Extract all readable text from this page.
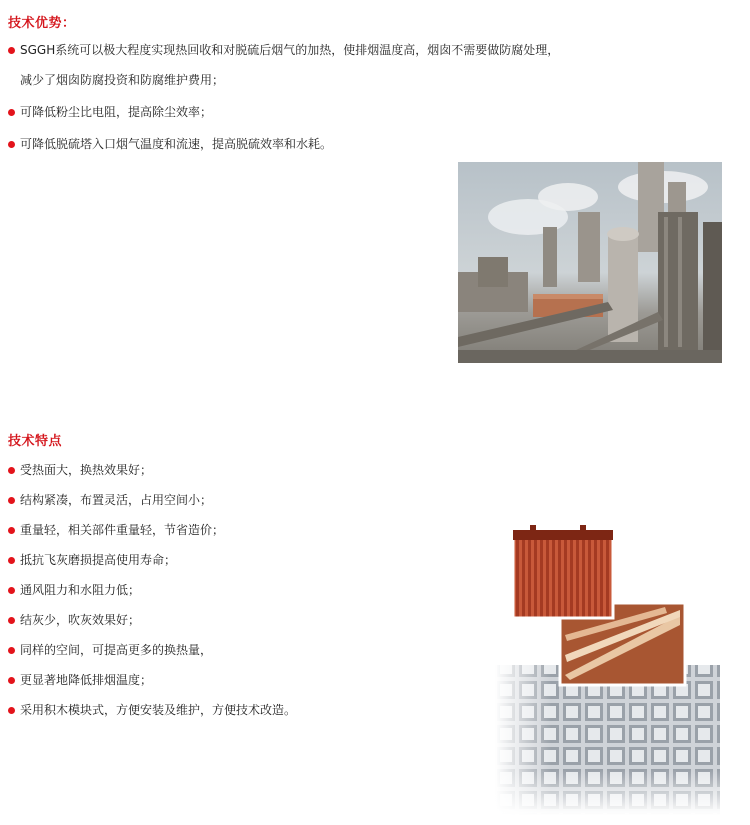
技术优势：
SGGH系统可以极大程度实现热回收和对脱硫后烟气的加热，使排烟温度高，烟囱不需要做防腐处理，
减少了烟囱防腐投资和防腐维护费用；
可降低粉尘比电阻，提高除尘效率；
可降低脱硫塔入口烟气温度和流速，提高脱硫效率和水耗。
技术特点
受热面大，换热效果好；
结构紧凑，布置灵活，占用空间小；
重量轻，相关部件重量轻，节省造价；
抵抗飞灰磨损提高使用寿命；
通风阻力和水阻力低；
结灰少，吹灰效果好；
同样的空间，可提高更多的换热量，
更显著地降低排烟温度；
采用积木模块式，方便安装及维护，方便技术改造。
